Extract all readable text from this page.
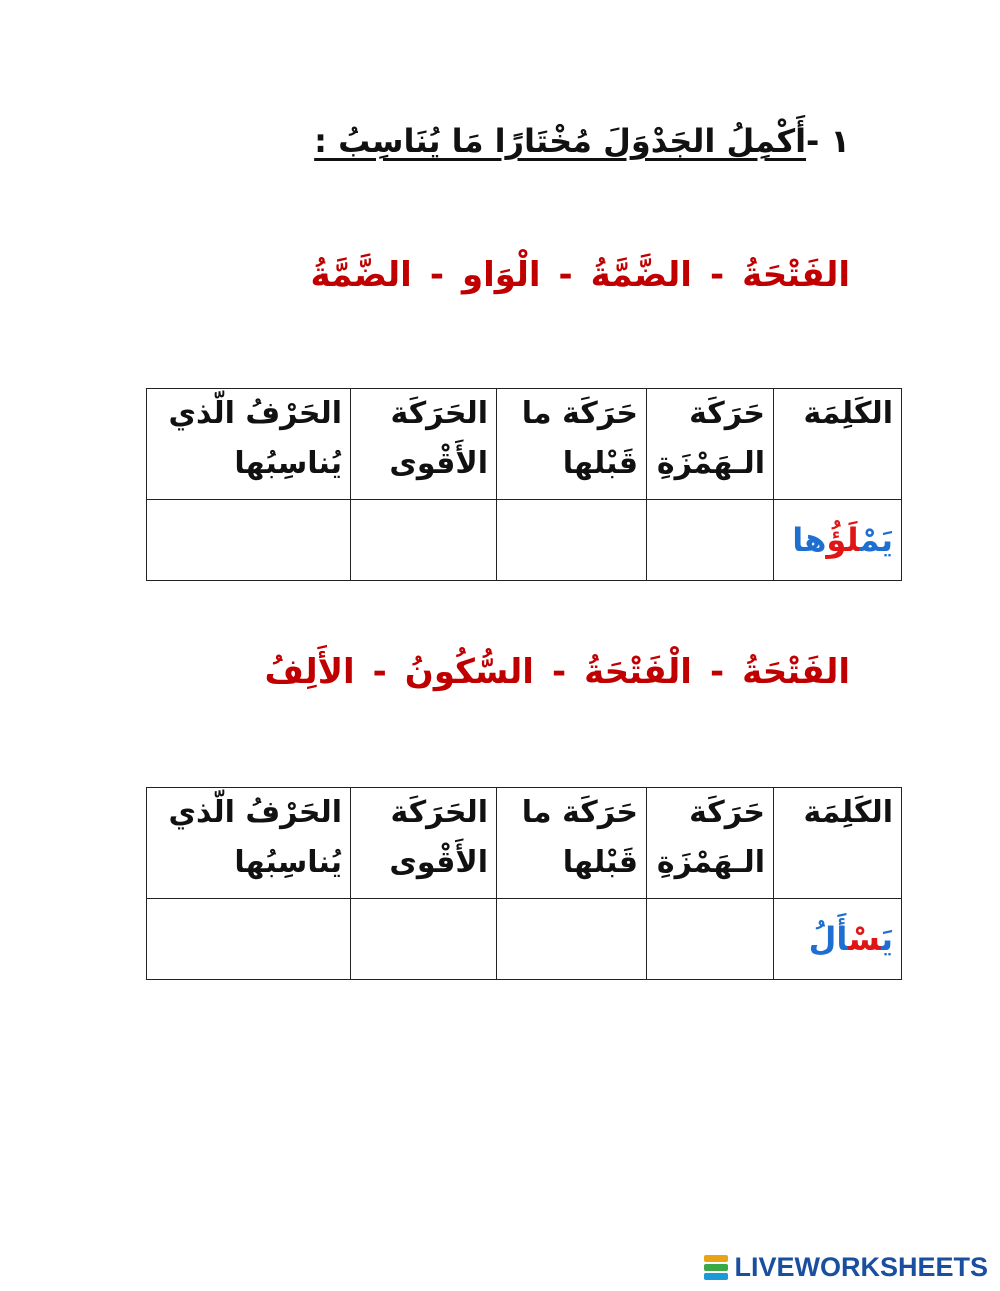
١ -أَكْمِلُ الجَدْوَلَ مُخْتَارًا مَا يُنَاسِبُ :
الفَتْحَةُ-الضَّمَّةُ-الْوَاو-الضَّمَّةُ
الكَلِمَة	حَرَكَة الـهَمْزَةِ	حَرَكَة ما قَبْلها	الحَرَكَة الأَقْوى	الحَرْفُ الّذي يُناسِبُها
يَمْلَؤُها				
الفَتْحَةُ-الْفَتْحَةُ-السُّكُونُ-الأَلِفُ
الكَلِمَة	حَرَكَة الـهَمْزَةِ	حَرَكَة ما قَبْلها	الحَرَكَة الأَقْوى	الحَرْفُ الّذي يُناسِبُها
يَسْأَلُ				
LIVEWORKSHEETS
